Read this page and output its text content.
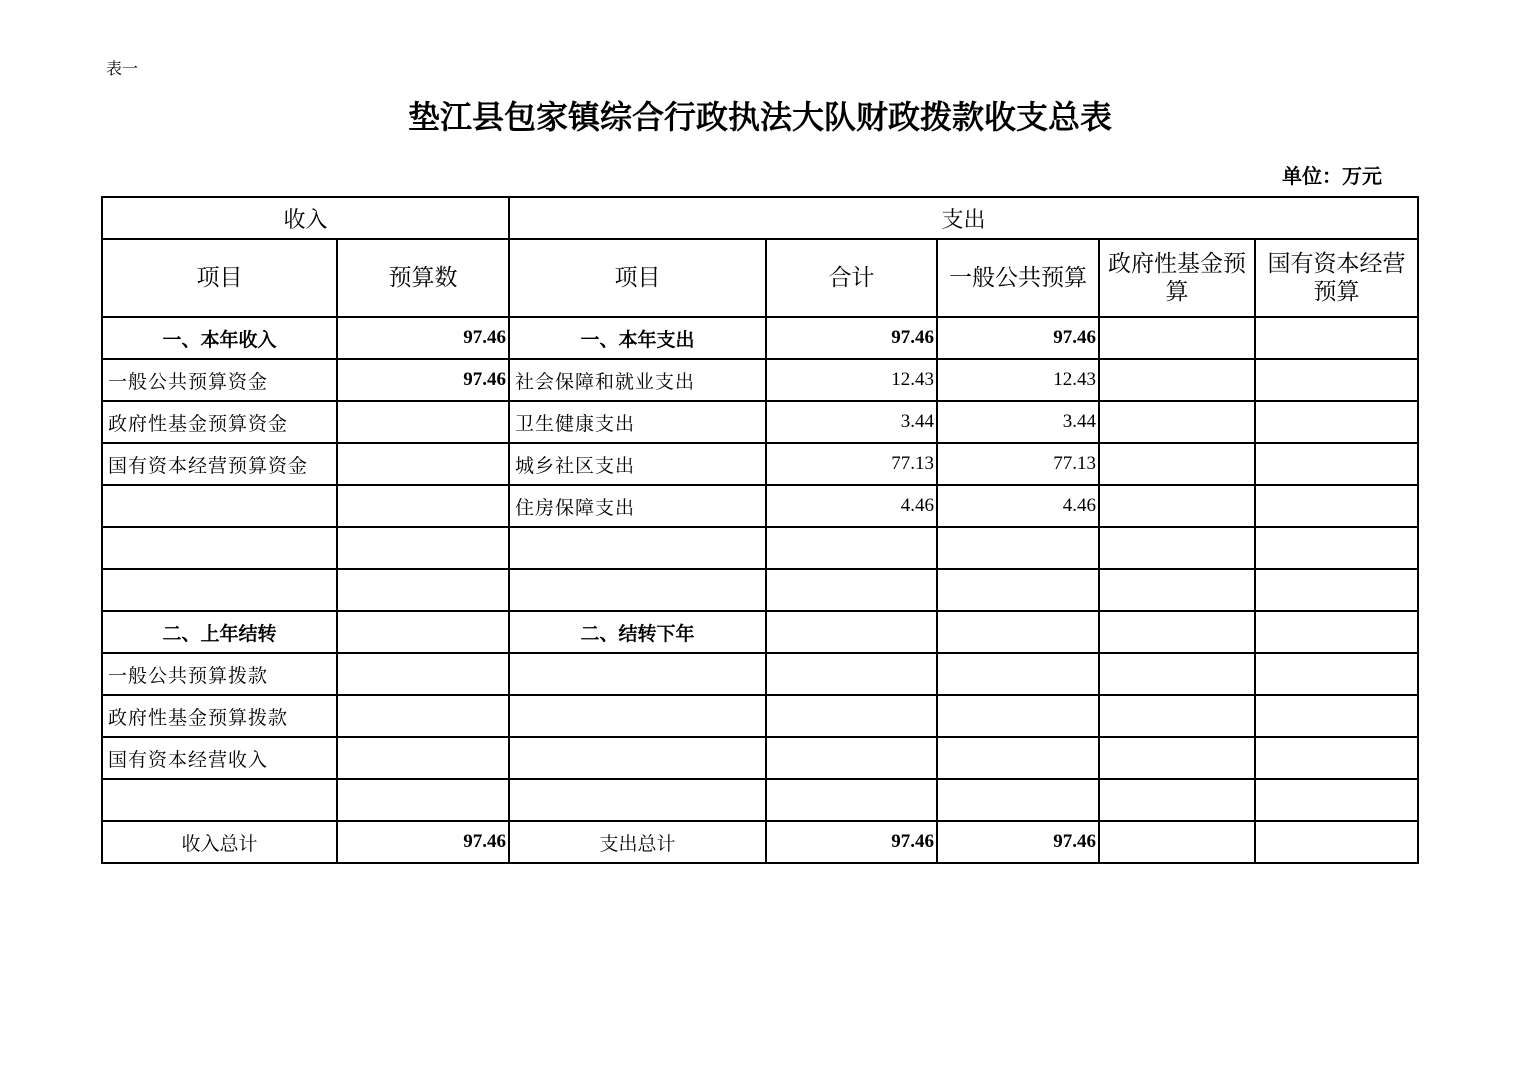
表一
垫江县包家镇综合行政执法大队财政拨款收支总表
单位：万元
收入		支出				
项目	预算数	项目	合计	一般公共预算	政府性基金预算	国有资本经营预算
一、本年收入	97.46	一、本年支出	97.46	97.46		
一般公共预算资金	97.46	社会保障和就业支出	12.43	12.43		
政府性基金预算资金		卫生健康支出	3.44	3.44		
国有资本经营预算资金		城乡社区支出	77.13	77.13		
		住房保障支出	4.46	4.46		

二、上年结转		二、结转下年				
一般公共预算拨款						
政府性基金预算拨款						
国有资本经营收入						

收入总计	97.46	支出总计	97.46	97.46		
